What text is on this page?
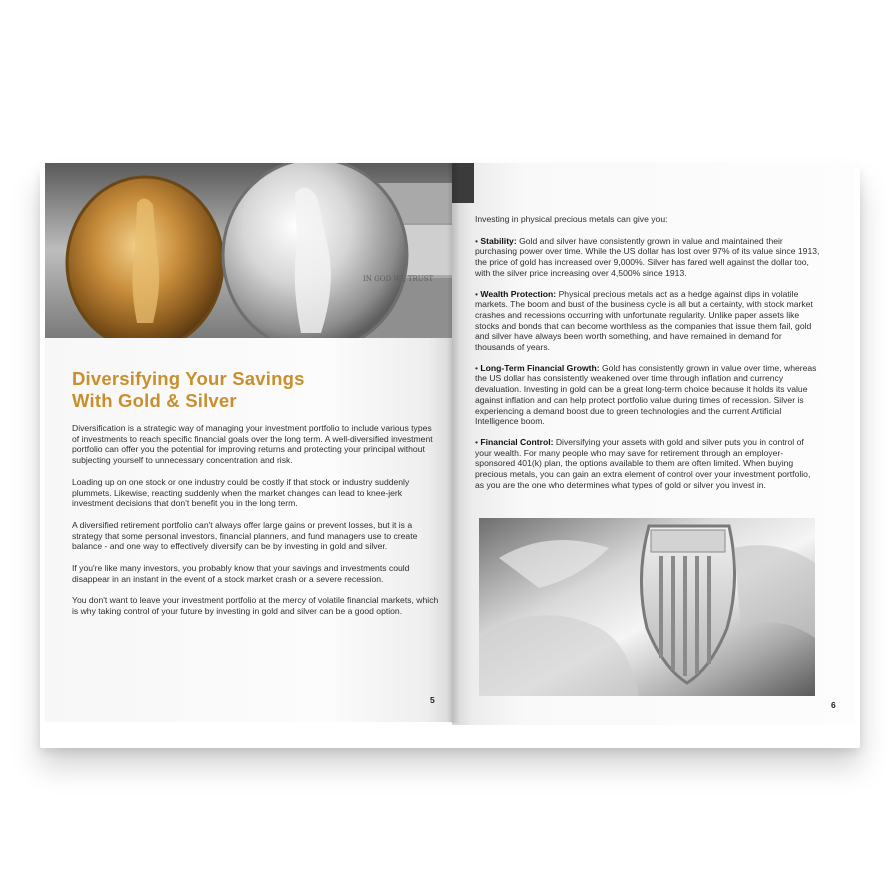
IN GOD WE TRUST
Diversifying Your Savings
With Gold & Silver

Diversification is a strategic way of managing your investment portfolio to include various types of investments to reach specific financial goals over the long term. A well-diversified investment portfolio can offer you the potential for improving returns and protecting your principal without subjecting yourself to unnecessary concentration and risk.

Loading up on one stock or one industry could be costly if that stock or industry suddenly plummets. Likewise, reacting suddenly when the market changes can lead to knee-jerk investment decisions that don't benefit you in the long term.

A diversified retirement portfolio can't always offer large gains or prevent losses, but it is a strategy that some personal investors, financial planners, and fund managers use to create balance - and one way to effectively diversify can be by investing in gold and silver.

If you're like many investors, you probably know that your savings and investments could disappear in an instant in the event of a stock market crash or a severe recession.

You don't want to leave your investment portfolio at the mercy of volatile financial markets, which is why taking control of your future by investing in gold and silver can be a good option.

5

Investing in physical precious metals can give you:

• Stability: Gold and silver have consistently grown in value and maintained their purchasing power over time. While the US dollar has lost over 97% of its value since 1913, the price of gold has increased over 9,000%. Silver has fared well against the dollar too, with the silver price increasing over 4,500% since 1913.

• Wealth Protection: Physical precious metals act as a hedge against dips in volatile markets. The boom and bust of the business cycle is all but a certainty, with stock market crashes and recessions occurring with unfortunate regularity. Unlike paper assets like stocks and bonds that can become worthless as the companies that issue them fail, gold and silver have always been worth something, and have remained in demand for thousands of years.

• Long-Term Financial Growth: Gold has consistently grown in value over time, whereas the US dollar has consistently weakened over time through inflation and currency devaluation. Investing in gold can be a great long-term choice because it holds its value against inflation and can help protect portfolio value during times of recession. Silver is experiencing a demand boost due to green technologies and the current Artificial Intelligence boom.

• Financial Control: Diversifying your assets with gold and silver puts you in control of your wealth. For many people who may save for retirement through an employer-sponsored 401(k) plan, the options available to them are often limited. When buying precious metals, you can gain an extra element of control over your investment portfolio, as you are the one who determines what types of gold or silver you invest in.

6
